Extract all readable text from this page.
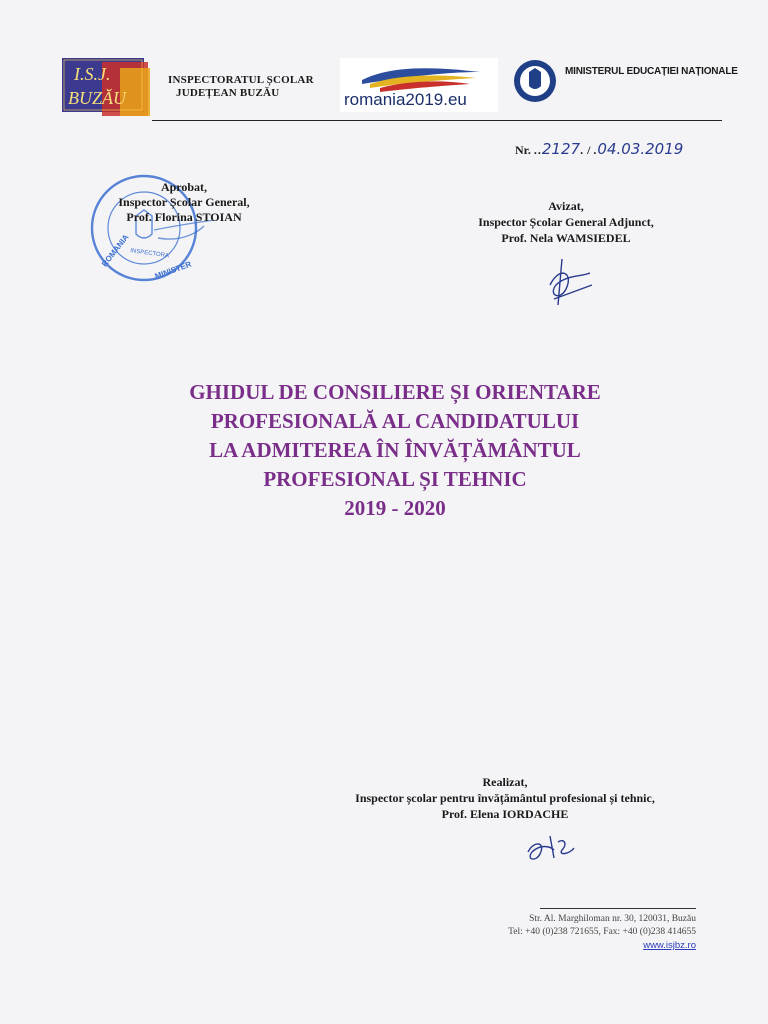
I.S.J.
BUZĂU
INSPECTORATUL ȘCOLAR
JUDEȚEAN BUZĂU	romania2019.eu
MINISTERUL EDUCAȚIEI NAȚIONALE
Nr. ..2127. / .04.03.2019
ROMANIA
MINISTER
INSPECTORA
Aprobat,
Inspector Școlar General,
Prof. Florina STOIAN
Avizat,
Inspector Școlar General Adjunct,
Prof. Nela WAMSIEDEL
GHIDUL DE CONSILIERE ȘI ORIENTARE
PROFESIONALĂ AL CANDIDATULUI
LA ADMITEREA ÎN ÎNVĂȚĂMÂNTUL
PROFESIONAL ȘI TEHNIC
2019 - 2020
Realizat,
Inspector școlar pentru învățământul profesional și tehnic,
Prof. Elena IORDACHE
Str. Al. Marghiloman nr. 30, 120031, Buzău
Tel: +40 (0)238 721655, Fax: +40 (0)238 414655
www.isjbz.ro
